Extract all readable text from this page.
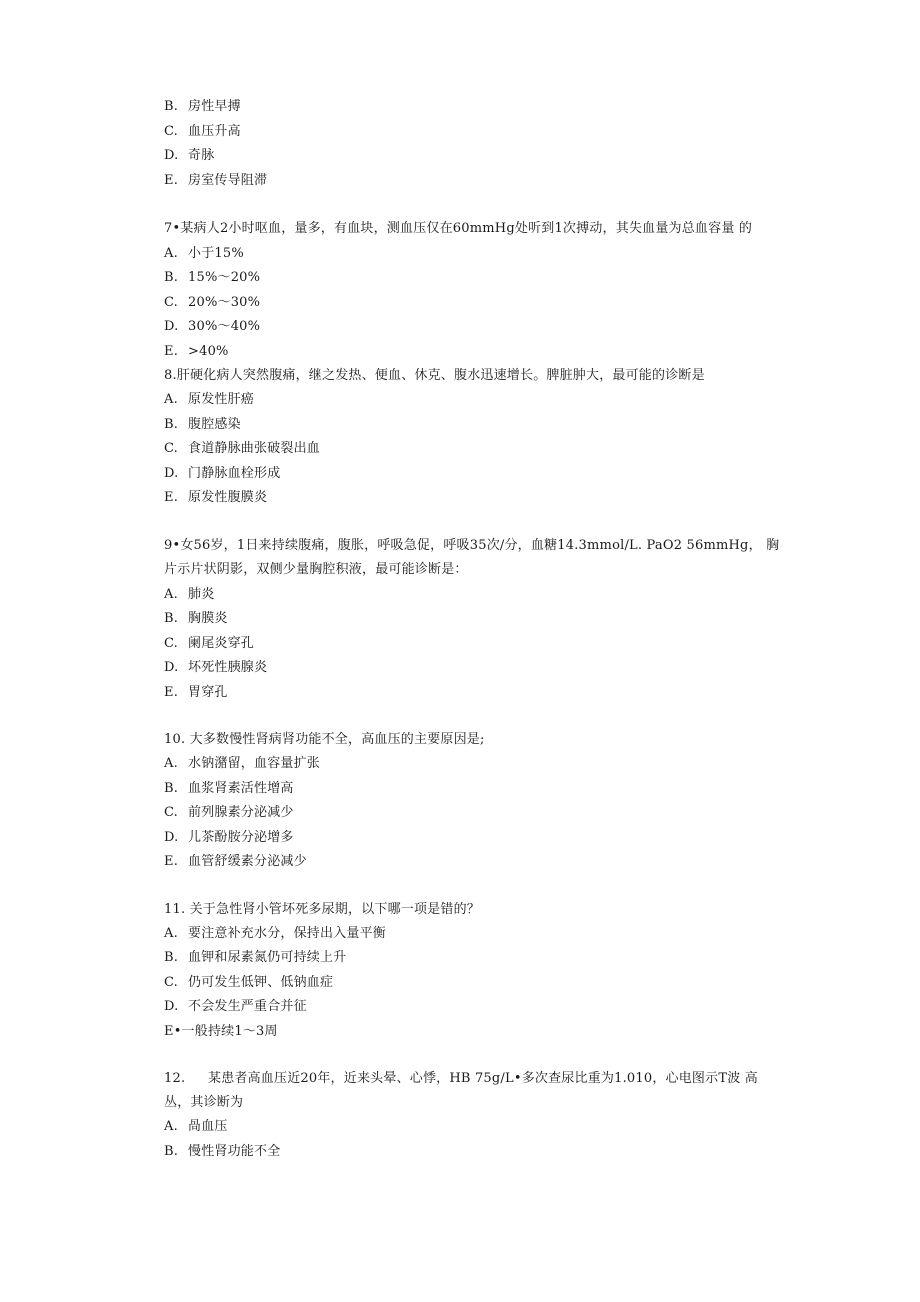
B. 房性早搏
C. 血压升高
D. 奇脉
E. 房室传导阻滞
7•某病人2小时呕血，量多，有血块，测血压仅在60mmHg处听到1次搏动，其失血量为总血容量 的
A. 小于15%
B. 15%～20%
C. 20%～30%
D. 30%～40%
E. >40%
8.肝硬化病人突然腹痛，继之发热、便血、休克、腹水迅速增长。脾脏肿大，最可能的诊断是
A. 原发性肝癌
B. 腹腔感染
C. 食道静脉曲张破裂出血
D. 门静脉血栓形成
E. 原发性腹膜炎
9•女56岁，1日来持续腹痛，腹胀，呼吸急促，呼吸35次/分，血糖14.3mmol/L. PaO2 56mmHg， 胸
片示片状阴影，双侧少量胸腔积液，最可能诊断是：
A. 肺炎
B. 胸膜炎
C. 阑尾炎穿孔
D. 坏死性胰腺炎
E. 胃穿孔
10. 大多数慢性肾病肾功能不全，高血压的主要原因是;
A. 水钠潴留，血容量扩张
B. 血浆肾素活性增高
C. 前列腺素分泌减少
D. 儿茶酚胺分泌增多
E. 血管舒缓素分泌减少
11. 关于急性肾小管坏死多尿期，以下哪一项是错的？
A. 要注意补充水分，保持出入量平衡
B. 血钾和尿素氮仍可持续上升
C. 仍可发生低钾、低钠血症
D. 不会发生严重合并征
E•一般持续1～3周
12. 某患者高血压近20年，近来头晕、心悸，HB 75g/L•多次查尿比重为1.010，心电图示T波 高
丛，其诊断为
A. 咼血压
B. 慢性肾功能不全
